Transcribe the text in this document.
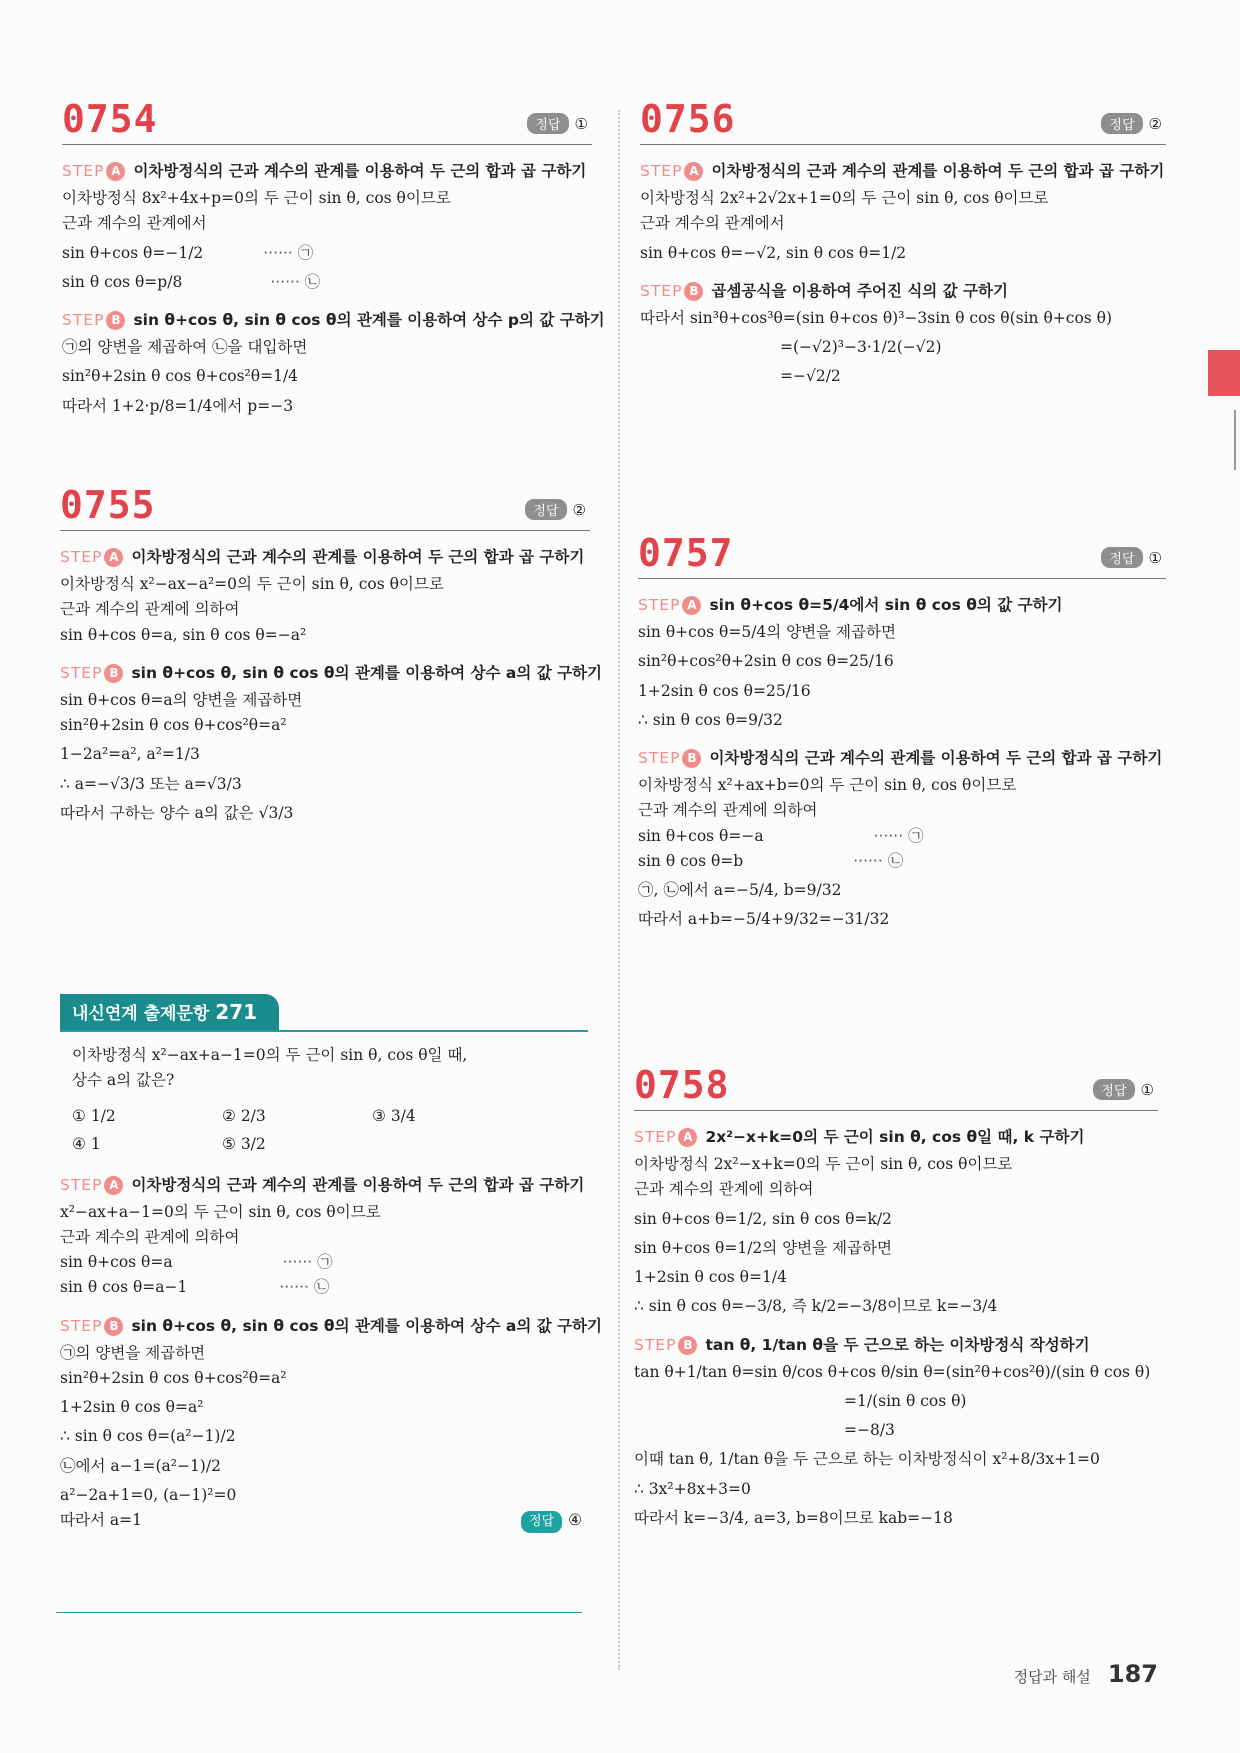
0754	정답 ①
STEP A 이차방정식의 근과 계수의 관계를 이용하여 두 근의 합과 곱 구하기
이차방정식 8x²+4x+p=0의 두 근이 sin θ, cos θ이므로
근과 계수의 관계에서
sin θ+cos θ=−1/2	······ ㉠
sin θ cos θ=p/8	······ ㉡
STEP B sin θ+cos θ, sin θ cos θ의 관계를 이용하여 상수 p의 값 구하기
㉠의 양변을 제곱하여 ㉡을 대입하면
sin²θ+2sin θ cos θ+cos²θ=1/4
따라서 1+2·p/8=1/4에서 p=−3
0755	정답 ②
STEP A 이차방정식의 근과 계수의 관계를 이용하여 두 근의 합과 곱 구하기
이차방정식 x²−ax−a²=0의 두 근이 sin θ, cos θ이므로
근과 계수의 관계에 의하여
sin θ+cos θ=a, sin θ cos θ=−a²
STEP B sin θ+cos θ, sin θ cos θ의 관계를 이용하여 상수 a의 값 구하기
sin θ+cos θ=a의 양변을 제곱하면
sin²θ+2sin θ cos θ+cos²θ=a²
1−2a²=a², a²=1/3
∴ a=−√3/3 또는 a=√3/3
따라서 구하는 양수 a의 값은 √3/3
내신연계 출제문항 271
이차방정식 x²−ax+a−1=0의 두 근이 sin θ, cos θ일 때,
상수 a의 값은?
① 1/2	② 2/3	③ 3/4
④ 1	⑤ 3/2
STEP A 이차방정식의 근과 계수의 관계를 이용하여 두 근의 합과 곱 구하기
x²−ax+a−1=0의 두 근이 sin θ, cos θ이므로
근과 계수의 관계에 의하여
sin θ+cos θ=a	······ ㉠
sin θ cos θ=a−1	······ ㉡
STEP B sin θ+cos θ, sin θ cos θ의 관계를 이용하여 상수 a의 값 구하기
㉠의 양변을 제곱하면
sin²θ+2sin θ cos θ+cos²θ=a²
1+2sin θ cos θ=a²
∴ sin θ cos θ=(a²−1)/2
㉡에서 a−1=(a²−1)/2
a²−2a+1=0, (a−1)²=0
따라서 a=1	정답 ④
0756	정답 ②
STEP A 이차방정식의 근과 계수의 관계를 이용하여 두 근의 합과 곱 구하기
이차방정식 2x²+2√2x+1=0의 두 근이 sin θ, cos θ이므로
근과 계수의 관계에서
sin θ+cos θ=−√2, sin θ cos θ=1/2
STEP B 곱셈공식을 이용하여 주어진 식의 값 구하기
따라서 sin³θ+cos³θ=(sin θ+cos θ)³−3sin θ cos θ(sin θ+cos θ)
=(−√2)³−3·1/2(−√2)
=−√2/2
0757	정답 ①
STEP A sin θ+cos θ=5/4에서 sin θ cos θ의 값 구하기
sin θ+cos θ=5/4의 양변을 제곱하면
sin²θ+cos²θ+2sin θ cos θ=25/16
1+2sin θ cos θ=25/16
∴ sin θ cos θ=9/32
STEP B 이차방정식의 근과 계수의 관계를 이용하여 두 근의 합과 곱 구하기
이차방정식 x²+ax+b=0의 두 근이 sin θ, cos θ이므로
근과 계수의 관계에 의하여
sin θ+cos θ=−a	······ ㉠
sin θ cos θ=b	······ ㉡
㉠, ㉡에서 a=−5/4, b=9/32
따라서 a+b=−5/4+9/32=−31/32
0758	정답 ①
STEP A 2x²−x+k=0의 두 근이 sin θ, cos θ일 때, k 구하기
이차방정식 2x²−x+k=0의 두 근이 sin θ, cos θ이므로
근과 계수의 관계에 의하여
sin θ+cos θ=1/2, sin θ cos θ=k/2
sin θ+cos θ=1/2의 양변을 제곱하면
1+2sin θ cos θ=1/4
∴ sin θ cos θ=−3/8, 즉 k/2=−3/8이므로 k=−3/4
STEP B tan θ, 1/tan θ을 두 근으로 하는 이차방정식 작성하기
tan θ+1/tan θ=sin θ/cos θ+cos θ/sin θ=(sin²θ+cos²θ)/(sin θ cos θ)
=1/(sin θ cos θ)
=−8/3
이때 tan θ, 1/tan θ을 두 근으로 하는 이차방정식이 x²+8/3x+1=0
∴ 3x²+8x+3=0
따라서 k=−3/4, a=3, b=8이므로 kab=−18
정답과 해설 187
